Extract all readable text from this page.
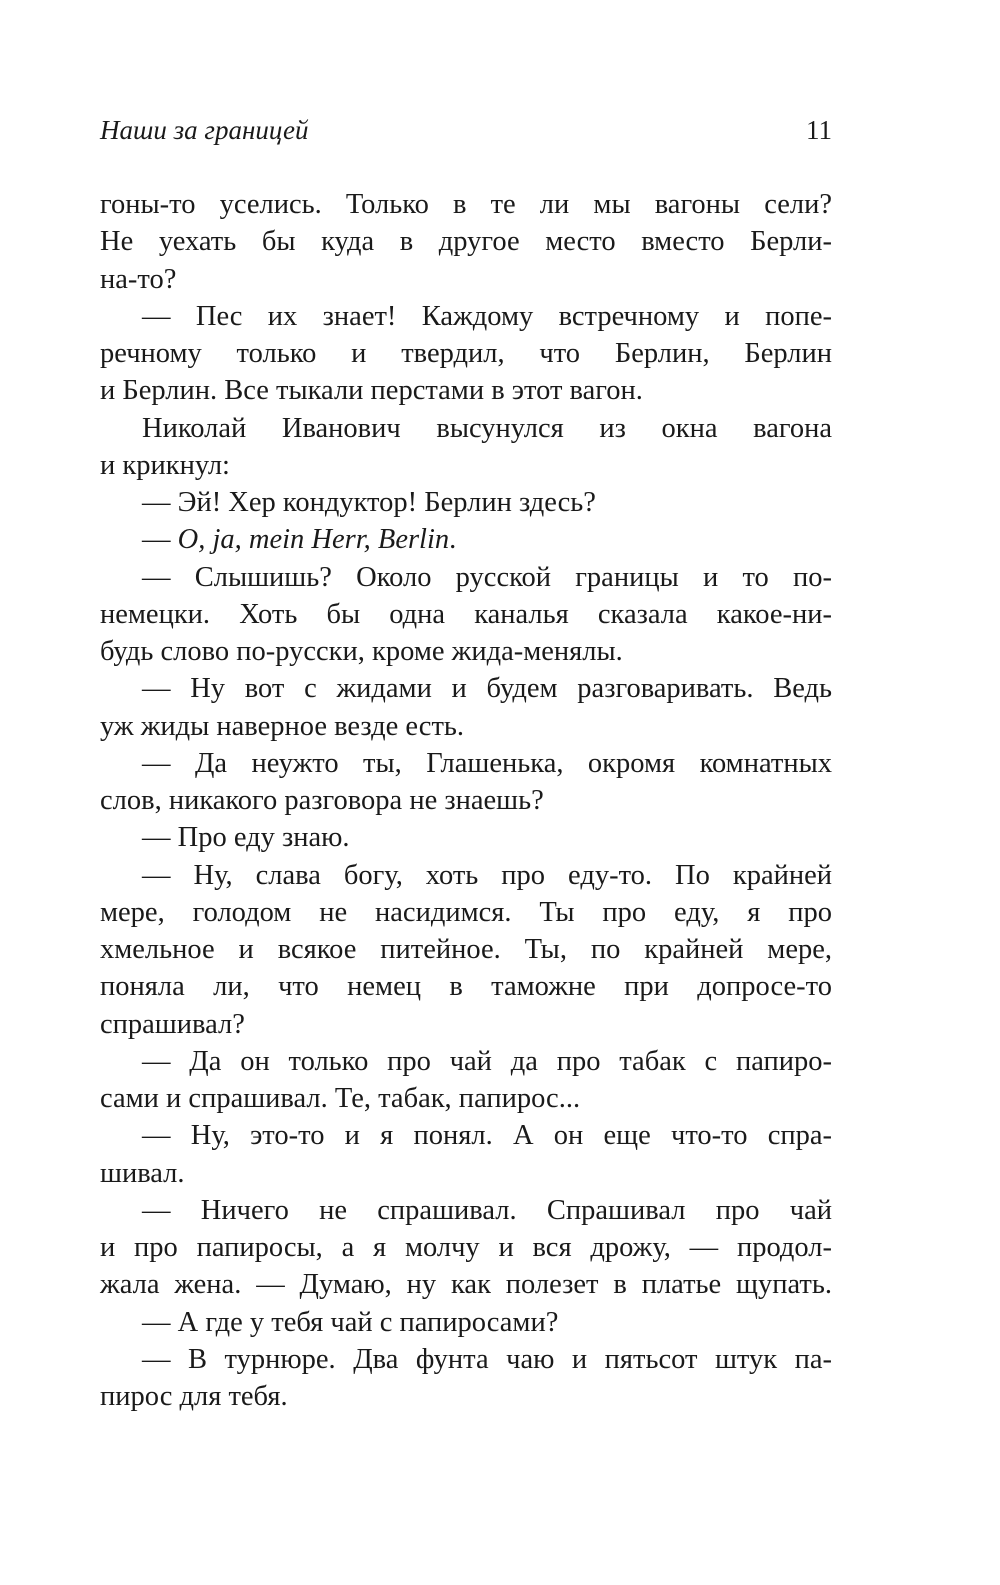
Наши за границей	11
гоны-то уселись. Только в те ли мы вагоны сели?
Не уехать бы куда в другое место вместо Берли-
на-то?
— Пес их знает! Каждому встречному и попе-
речному только и твердил, что Берлин, Берлин
и Берлин. Все тыкали перстами в этот вагон.
Николай Иванович высунулся из окна вагона
и крикнул:
— Эй! Хер кондуктор! Берлин здесь?
— O, ja, mein Herr, Berlin.
— Слышишь? Около русской границы и то по-
немецки. Хоть бы одна каналья сказала какое-ни-
будь слово по-русски, кроме жида-менялы.
— Ну вот с жидами и будем разговаривать. Ведь
уж жиды наверное везде есть.
— Да неужто ты, Глашенька, окромя комнатных
слов, никакого разговора не знаешь?
— Про еду знаю.
— Ну, слава богу, хоть про еду-то. По крайней
мере, голодом не насидимся. Ты про еду, я про
хмельное и всякое питейное. Ты, по крайней мере,
поняла ли, что немец в таможне при допросе-то
спрашивал?
— Да он только про чай да про табак с папиро-
сами и спрашивал. Те, табак, папирос...
— Ну, это-то и я понял. А он еще что-то спра-
шивал.
— Ничего не спрашивал. Спрашивал про чай
и про папиросы, а я молчу и вся дрожу, — продол-
жала жена. — Думаю, ну как полезет в платье щупать.
— А где у тебя чай с папиросами?
— В турнюре. Два фунта чаю и пятьсот штук па-
пирос для тебя.
